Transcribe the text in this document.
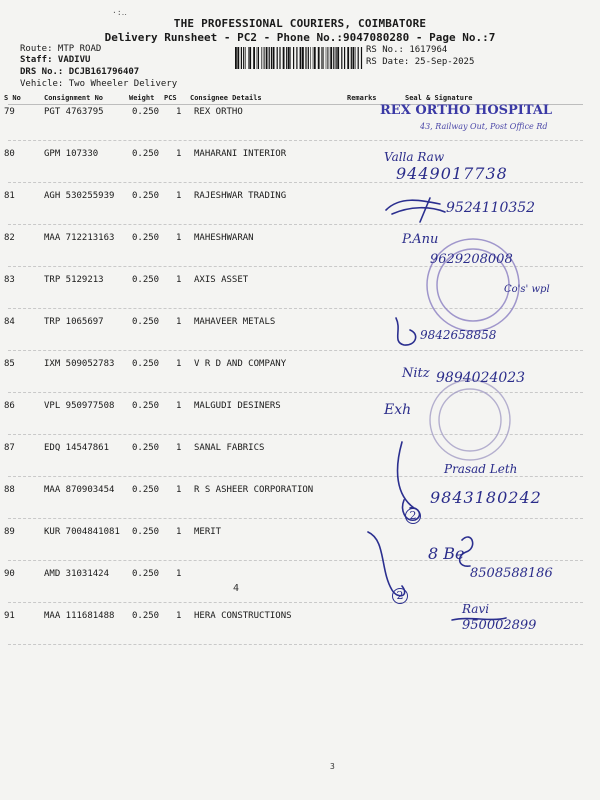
·:‥
THE PROFESSIONAL COURIERS, COIMBATORE
Delivery Runsheet - PC2 - Phone No.:9047080280 - Page No.:7
Route: MTP ROAD
Staff: VADIVU
DRS No.: DCJB161796407
Vehicle: Two Wheeler Delivery
RS No.: 1617964
RS Date: 25-Sep-2025
S No	Consignment No	Weight PCS Consignee Details	Remarks	Seal & Signature
79	PGT 4763795	0.250 1 REX ORTHO
80	GPM 107330	0.250 1 MAHARANI INTERIOR
81	AGH 530255939 0.250 1 RAJESHWAR TRADING
82	MAA 712213163 0.250 1 MAHESHWARAN
83	TRP 5129213	0.250 1 AXIS ASSET
84	TRP 1065697	0.250 1 MAHAVEER METALS
85	IXM 509052783 0.250 1 V R D AND COMPANY
86	VPL 950977508 0.250 1 MALGUDI DESINERS
87	EDQ 14547861	0.250 1 SANAL FABRICS
88	MAA 870903454 0.250 1 R S ASHEER CORPORATION
89	KUR 7004841081 0.250 1 MERIT
90	AMD 31031424	0.250 1
91	MAA 111681488 0.250 1 HERA CONSTRUCTIONS
REX ORTHO HOSPITAL
43, Railway Out, Post Office Rd
Valla Raw
9449017738
9524110352
P.Anu
9629208008
Co's' wpl
9842658858
Nitz 9894024023
Exh
Prasad Leth
9843180242
8 Be
8508588186
Ravi
950002899
2
2
4
3
